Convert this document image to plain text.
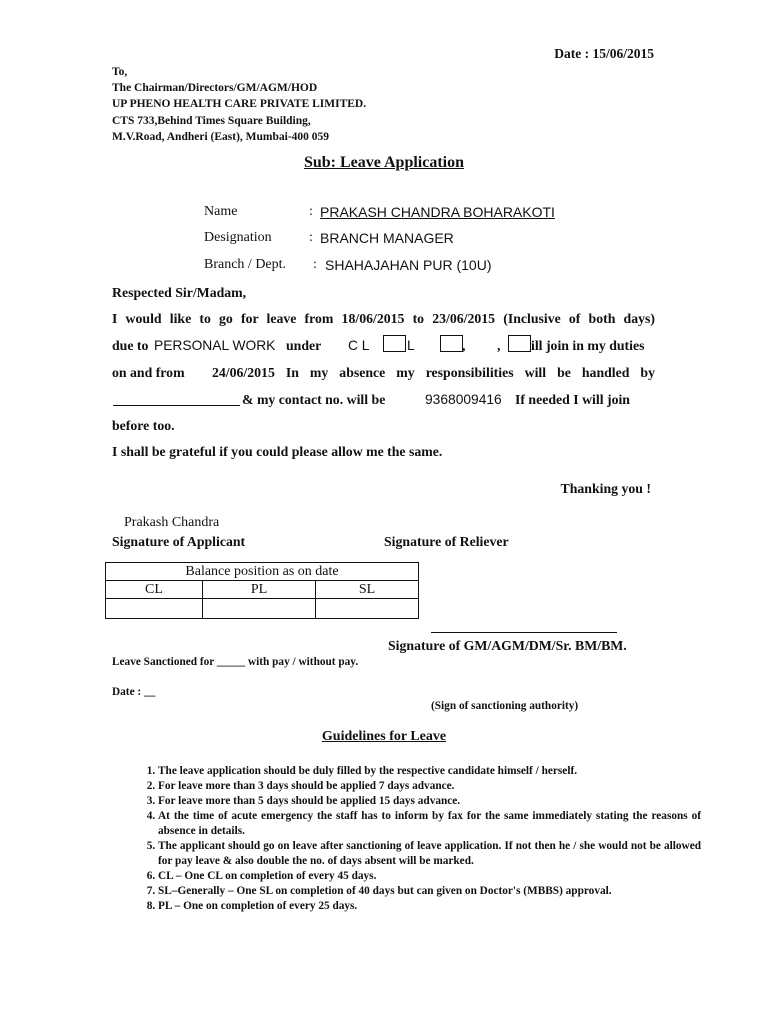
Date : 15/06/2015
To,
The Chairman/Directors/GM/AGM/HOD
UP PHENO HEALTH CARE PRIVATE LIMITED.
CTS 733,Behind Times Square Building,
M.V.Road, Andheri (East), Mumbai-400 059
Sub: Leave Application
Name	: PRAKASH CHANDRA BOHARAKOTI
Designation	: BRANCH MANAGER
Branch / Dept. : SHAHAJAHAN PUR (10U)
Respected Sir/Madam,
I would like to go for leave from 18/06/2015 to 23/06/2015 (Inclusive of both days)
due to PERSONAL WORK under C L	L	, , ill join in my duties
on and from 24/06/2015 In my absence my responsibilities will be handled by
& my contact no. will be	9368009416 If needed I will join
before too.
I shall be grateful if you could please allow me the same.
Thanking you !
Prakash Chandra
Signature of Applicant	Signature of Reliever
Balance position as on date		
CL	PL	SL

Signature of GM/AGM/DM/Sr. BM/BM.
Leave Sanctioned for _____ with pay / without pay.
Date : __
(Sign of sanctioning authority)
Guidelines for Leave
1. The leave application should be duly filled by the respective candidate himself / herself.
2. For leave more than 3 days should be applied 7 days advance.
3. For leave more than 5 days should be applied 15 days advance.
4. At the time of acute emergency the staff has to inform by fax for the same immediately stating the reasons of absence in details.
5. The applicant should go on leave after sanctioning of leave application. If not then he / she would not be allowed for pay leave & also double the no. of days absent will be marked.
6. CL – One CL on completion of every 45 days.
7. SL–Generally – One SL on completion of 40 days but can given on Doctor's (MBBS) approval.
8. PL – One on completion of every 25 days.
